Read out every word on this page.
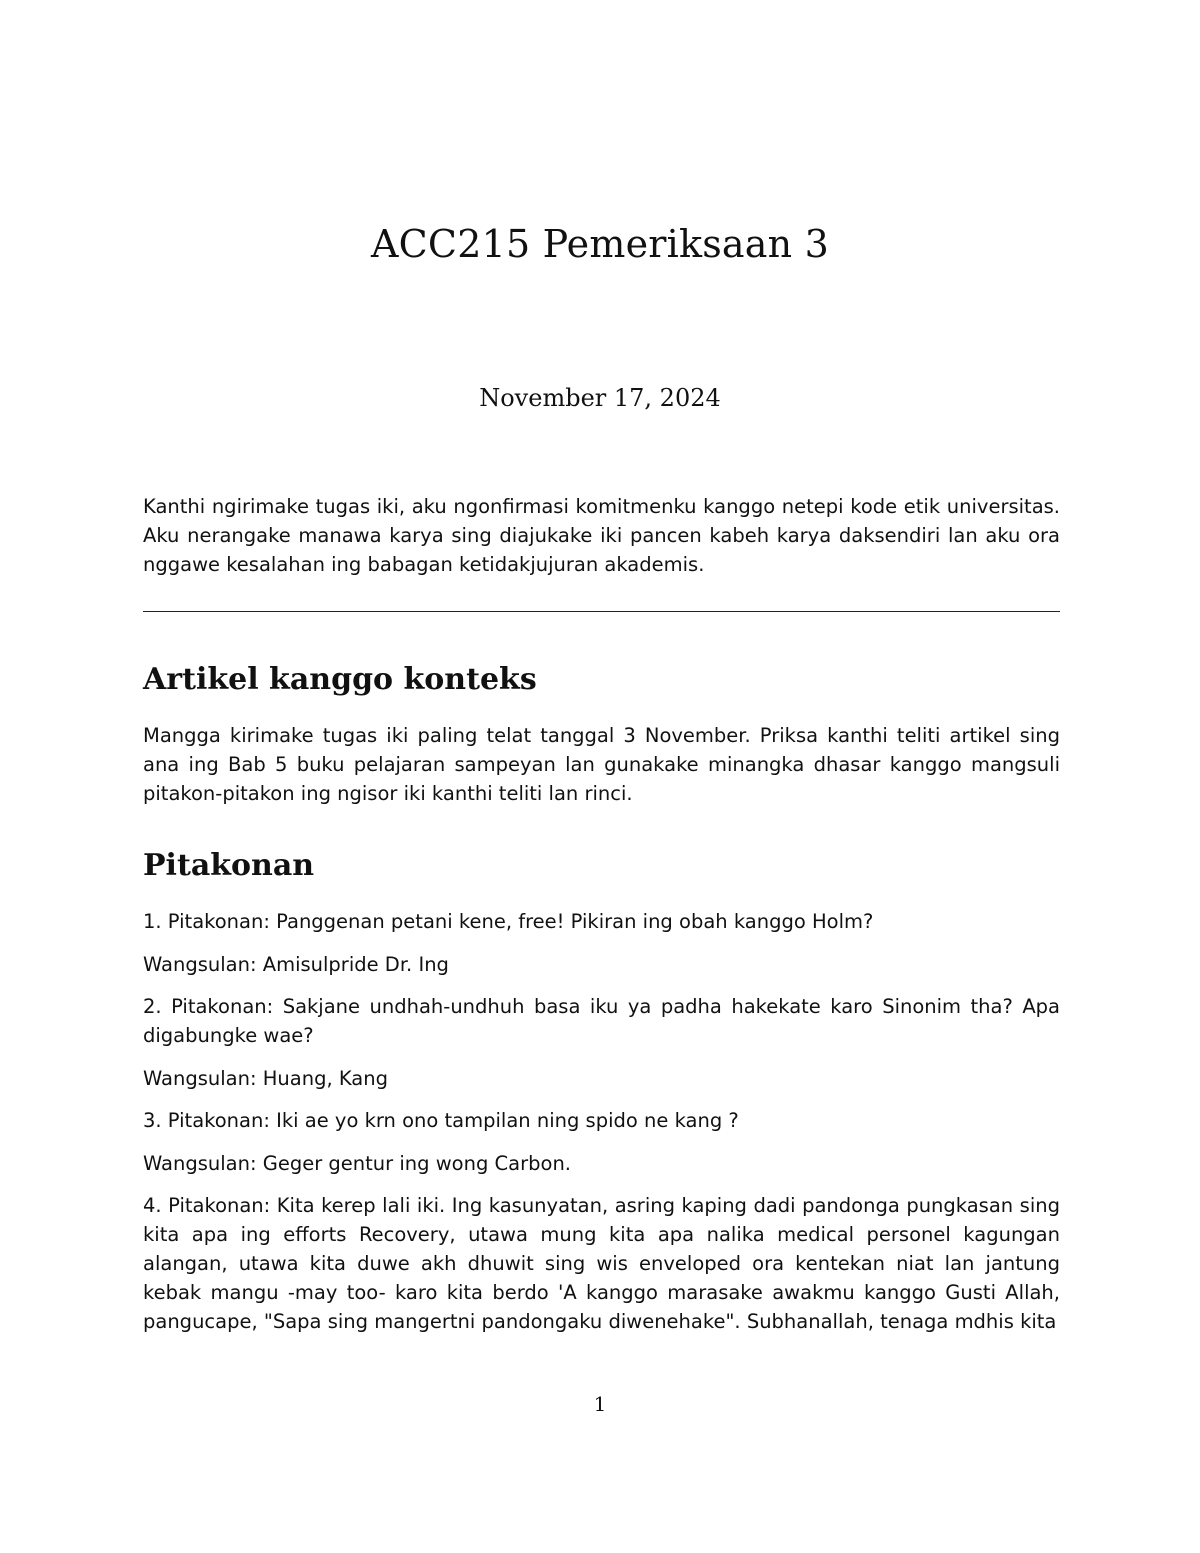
ACC215 Pemeriksaan 3

November 17, 2024

Kanthi ngirimake tugas iki, aku ngonfirmasi komitmenku kanggo netepi kode etik universitas. Aku nerangake manawa karya sing diajukake iki pancen kabeh karya daksendiri lan aku ora nggawe kesalahan ing babagan ketidakjujuran akademis.

Artikel kanggo konteks

Mangga kirimake tugas iki paling telat tanggal 3 November. Priksa kanthi teliti artikel sing ana ing Bab 5 buku pelajaran sampeyan lan gunakake minangka dhasar kanggo mangsuli pitakon-pitakon ing ngisor iki kanthi teliti lan rinci.

Pitakonan

1. Pitakonan: Panggenan petani kene, free! Pikiran ing obah kanggo Holm?

Wangsulan: Amisulpride Dr. Ing

2. Pitakonan: Sakjane undhah-undhuh basa iku ya padha hakekate karo Sinonim tha? Apa digabungke wae?

Wangsulan: Huang, Kang

3. Pitakonan: Iki ae yo krn ono tampilan ning spido ne kang ?

Wangsulan: Geger gentur ing wong Carbon.

4. Pitakonan: Kita kerep lali iki. Ing kasunyatan, asring kaping dadi pandonga pungkasan sing kita apa ing efforts Recovery, utawa mung kita apa nalika medical personel kagungan alangan, utawa kita duwe akh dhuwit sing wis enveloped ora kentekan niat lan jantung kebak mangu -may too- karo kita berdo 'A kanggo marasake awakmu kanggo Gusti Allah, pangucape, "Sapa sing mangertni pandongaku diwenehake". Subhanallah, tenaga mdhis kita

1
